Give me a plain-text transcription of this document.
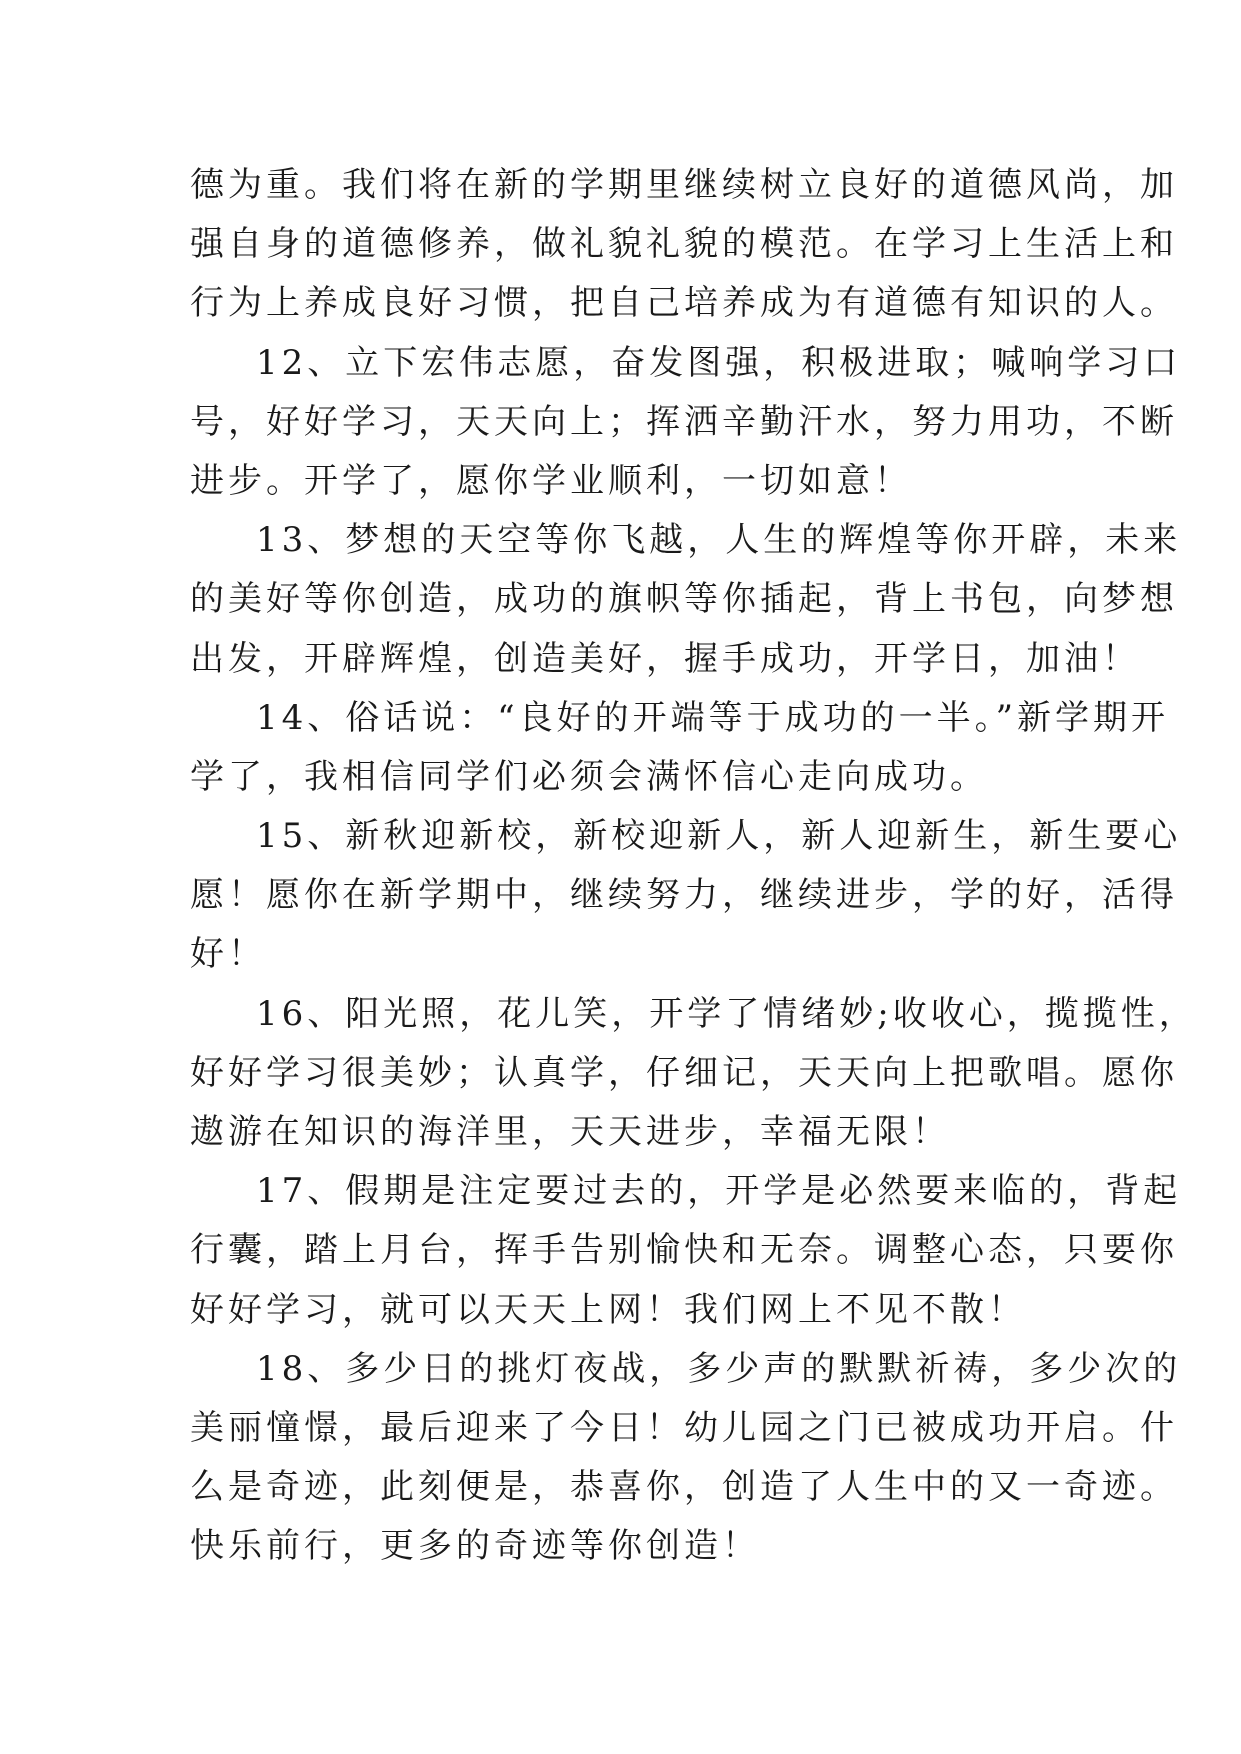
德为重。我们将在新的学期里继续树立良好的道德风尚，加
强自身的道德修养，做礼貌礼貌的模范。在学习上生活上和
行为上养成良好习惯，把自己培养成为有道德有知识的人。
12、立下宏伟志愿，奋发图强，积极进取；喊响学习口
号，好好学习，天天向上；挥洒辛勤汗水，努力用功，不断
进步。开学了，愿你学业顺利，一切如意！
13、梦想的天空等你飞越，人生的辉煌等你开辟，未来
的美好等你创造，成功的旗帜等你插起，背上书包，向梦想
出发，开辟辉煌，创造美好，握手成功，开学日，加油！
14、俗话说：“良好的开端等于成功的一半。”新学期开
学了，我相信同学们必须会满怀信心走向成功。
15、新秋迎新校，新校迎新人，新人迎新生，新生要心
愿！愿你在新学期中，继续努力，继续进步，学的好，活得
好！
16、阳光照，花儿笑，开学了情绪妙;收收心，揽揽性，
好好学习很美妙；认真学，仔细记，天天向上把歌唱。愿你
遨游在知识的海洋里，天天进步，幸福无限！
17、假期是注定要过去的，开学是必然要来临的，背起
行囊，踏上月台，挥手告别愉快和无奈。调整心态，只要你
好好学习，就可以天天上网！我们网上不见不散！
18、多少日的挑灯夜战，多少声的默默祈祷，多少次的
美丽憧憬，最后迎来了今日！幼儿园之门已被成功开启。什
么是奇迹，此刻便是，恭喜你，创造了人生中的又一奇迹。
快乐前行，更多的奇迹等你创造！
